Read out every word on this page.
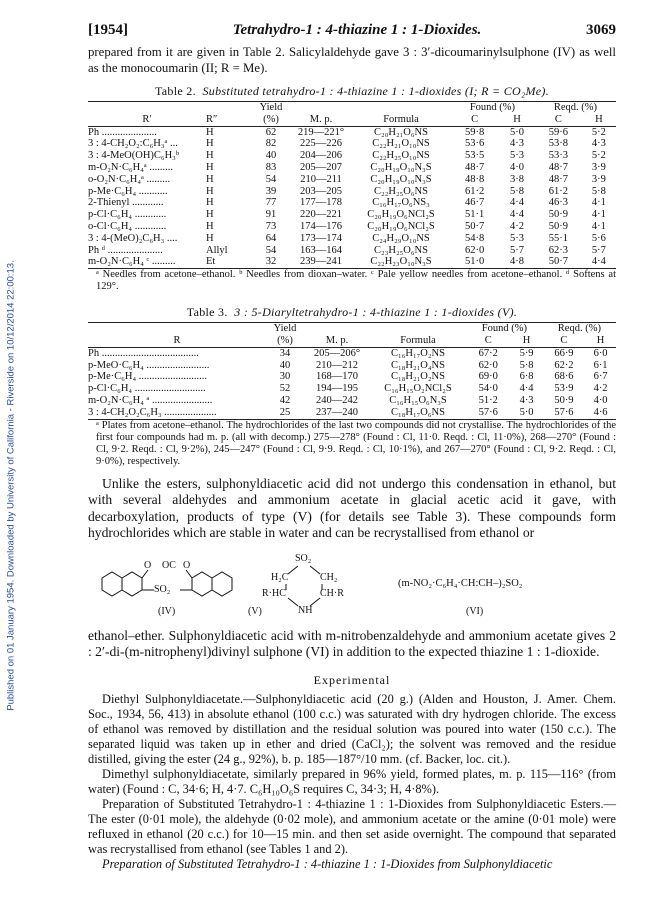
Published on 01 January 1954. Downloaded by University of California - Riverside on 10/12/2014 22:00:13.
[1954]	Tetrahydro-1 : 4-thiazine 1 : 1-Dioxides.	3069

prepared from it are given in Table 2. Salicylaldehyde gave 3 : 3′-dicoumarinylsulphone (IV) as well as the monocoumarin (II; R = Me).

Table 2. Substituted tetrahydro-1 : 4-thiazine 1 : 1-dioxides (I; R = CO₂Me).
		Yield			Found (%)		Reqd. (%)	
R′	R″	(%)	M. p.	Formula	C	H	C	H
Ph .....................	H	62	219—221°	C₂₀H₂₁O₆NS	59·8	5·0	59·6	5·2
3 : 4-CH₂O₂:C₆H₃ᵃ ...	H	82	225—226	C₂₂H₂₁O₁₀NS	53·6	4·3	53·8	4·3
3 : 4-MeO(OH)C₆H₃ᵇ	H	40	204—206	C₂₂H₂₅O₁₀NS	53·5	5·3	53·3	5·2
m-O₂N·C₆H₄ᵃ .........	H	83	205—207	C₂₀H₁₉O₁₀N₃S	48·7	4·0	48·7	3·9
o-O₂N·C₆H₄ᵃ .........	H	54	210—211	C₂₀H₁₉O₁₀N₃S	48·8	3·8	48·7	3·9
p-Me·C₆H₄ ...........	H	39	203—205	C₂₂H₂₅O₆NS	61·2	5·8	61·2	5·8
2-Thienyl ............	H	77	177—178	C₁₆H₁₇O₆NS₃	46·7	4·4	46·3	4·1
p-Cl·C₆H₄ ............	H	91	220—221	C₂₀H₁₉O₆NCl₂S	51·1	4·4	50·9	4·1
o-Cl·C₆H₄ ............	H	73	174—176	C₂₀H₁₉O₆NCl₂S	50·7	4·2	50·9	4·1
3 : 4-(MeO)₂C₆H₃ ....	H	64	173—174	C₂₄H₂₉O₁₀NS	54·8	5·3	55·1	5·6
Ph ᵈ .....................	Allyl	54	163—164	C₂₃H₂₅O₆NS	62·0	5·7	62·3	5·7
m-O₂N·C₆H₄ ᶜ .........	Et	32	239—241	C₂₂H₂₃O₁₀N₃S	51·0	4·8	50·7	4·4

ᵃ Needles from acetone–ethanol. ᵇ Needles from dioxan–water. ᶜ Pale yellow needles from acetone–ethanol. ᵈ Softens at 129°.

Table 3. 3 : 5-Diaryltetrahydro-1 : 4-thiazine 1 : 1-dioxides (V).
	Yield			Found (%)		Reqd. (%)	
R	(%)	M. p.	Formula	C	H	C	H
Ph .....................................	34	205—206°	C₁₆H₁₇O₂NS	67·2	5·9	66·9	6·0
p-MeO·C₆H₄ ........................	40	210—212	C₁₈H₂₁O₄NS	62·0	5·8	62·2	6·1
p-Me·C₆H₄ ..........................	30	168—170	C₁₈H₂₁O₂NS	69·0	6·8	68·6	6·7
p-Cl·C₆H₄ ...........................	52	194—195	C₁₆H₁₅O₂NCl₂S	54·0	4·4	53·9	4·2
m-O₂N·C₆H₄ ᵃ .......................	42	240—242	C₁₆H₁₅O₆N₃S	51·2	4·3	50·9	4·0
3 : 4-CH₂O₂C₆H₃ ....................	25	237—240	C₁₈H₁₇O₆NS	57·6	5·0	57·6	4·6

ᵃ Plates from acetone–ethanol. The hydrochlorides of the last two compounds did not crystallise. The hydrochlorides of the first four compounds had m. p. (all with decomp.) 275—278° (Found : Cl, 11·0. Reqd. : Cl, 11·0%), 268—270° (Found : Cl, 9·2. Reqd. : Cl, 9·2%), 245—247° (Found : Cl, 9·9. Reqd. : Cl, 10·1%), and 267—270° (Found : Cl, 9·2. Reqd. : Cl, 9·0%), respectively.

Unlike the esters, sulphonyldiacetic acid did not undergo this condensation in ethanol, but with several aldehydes and ammonium acetate in glacial acetic acid it gave, with decarboxylation, products of type (V) (for details see Table 3). These compounds form hydrochlorides which are stable in water and can be recrystallised from ethanol or

O OC O
SO₂
(IV)
SO₂
H₂C	CH₂
R·HC	CH·R
NH
(V)
(m-NO₂·C₆H₄·CH:CH–)₂SO₂
(VI)

ethanol–ether. Sulphonyldiacetic acid with m-nitrobenzaldehyde and ammonium acetate gives 2 : 2′-di-(m-nitrophenyl)divinyl sulphone (VI) in addition to the expected thiazine 1 : 1-dioxide.

Experimental

Diethyl Sulphonyldiacetate.—Sulphonyldiacetic acid (20 g.) (Alden and Houston, J. Amer. Chem. Soc., 1934, 56, 413) in absolute ethanol (100 c.c.) was saturated with dry hydrogen chloride. The excess of ethanol was removed by distillation and the residual solution was poured into water (150 c.c.). The separated liquid was taken up in ether and dried (CaCl₂); the solvent was removed and the residue distilled, giving the ester (24 g., 92%), b. p. 185—187°/10 mm. (cf. Backer, loc. cit.).

Dimethyl sulphonyldiacetate, similarly prepared in 96% yield, formed plates, m. p. 115—116° (from water) (Found : C, 34·6; H, 4·7. C₆H₁₀O₆S requires C, 34·3; H, 4·8%).

Preparation of Substituted Tetrahydro-1 : 4-thiazine 1 : 1-Dioxides from Sulphonyldiacetic Esters.—The ester (0·01 mole), the aldehyde (0·02 mole), and ammonium acetate or the amine (0·01 mole) were refluxed in ethanol (20 c.c.) for 10—15 min. and then set aside overnight. The compound that separated was recrystallised from ethanol (see Tables 1 and 2).

Preparation of Substituted Tetrahydro-1 : 4-thiazine 1 : 1-Dioxides from Sulphonyldiacetic
